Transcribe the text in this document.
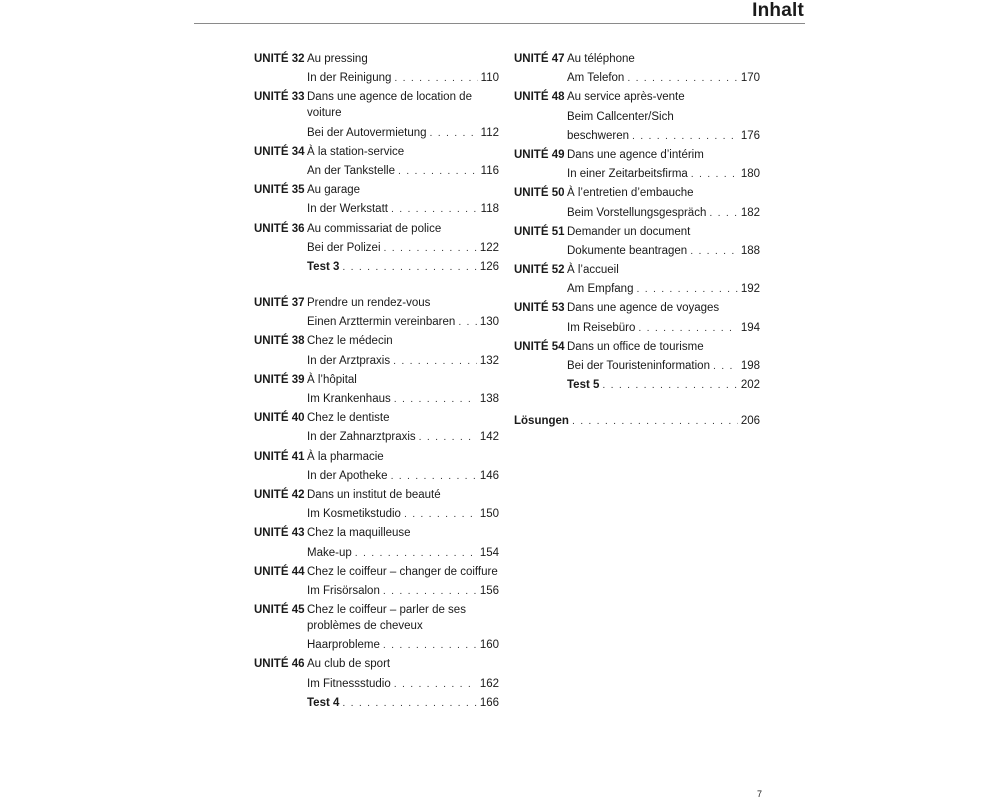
Inhalt
UNITÉ 32 Au pressing
In der Reinigung . . .	110
UNITÉ 33 Dans une agence de location de voiture
Bei der Autovermietung . . .	112
UNITÉ 34 À la station-service
An der Tankstelle . . .	116
UNITÉ 35 Au garage
In der Werkstatt . . .	118
UNITÉ 36 Au commissariat de police
Bei der Polizei . . .	122
Test 3 . . .	126
UNITÉ 37 Prendre un rendez-vous
Einen Arzttermin vereinbaren . . . 130
UNITÉ 38 Chez le médecin
In der Arztpraxis . . .	132
UNITÉ 39 À l’hôpital
Im Krankenhaus . . .	138
UNITÉ 40 Chez le dentiste
In der Zahnarztpraxis . . .	142
UNITÉ 41 À la pharmacie
In der Apotheke . . .	146
UNITÉ 42 Dans un institut de beauté
Im Kosmetikstudio . . .	150
UNITÉ 43 Chez la maquilleuse
Make-up . . .	154
UNITÉ 44 Chez le coiffeur – changer de coiffure
Im Frisörsalon . . .	156
UNITÉ 45 Chez le coiffeur – parler de ses problèmes de cheveux
Haarprobleme . . .	160
UNITÉ 46 Au club de sport
Im Fitnessstudio . . .	162
Test 4 . . .	166
UNITÉ 47 Au téléphone
Am Telefon . . .	170
UNITÉ 48 Au service après-vente
Beim Callcenter/Sich
beschweren . . .	176
UNITÉ 49 Dans une agence d’intérim
In einer Zeitarbeitsfirma . . .	180
UNITÉ 50 À l’entretien d’embauche
Beim Vorstellungsgespräch . . .	182
UNITÉ 51 Demander un document
Dokumente beantragen . . .	188
UNITÉ 52 À l’accueil
Am Empfang . . .	192
UNITÉ 53 Dans une agence de voyages
Im Reisebüro . . .	194
UNITÉ 54 Dans un office de tourisme
Bei der Touristeninformation . . .	198
Test 5 . . .	202
Lösungen . . .	206
7
